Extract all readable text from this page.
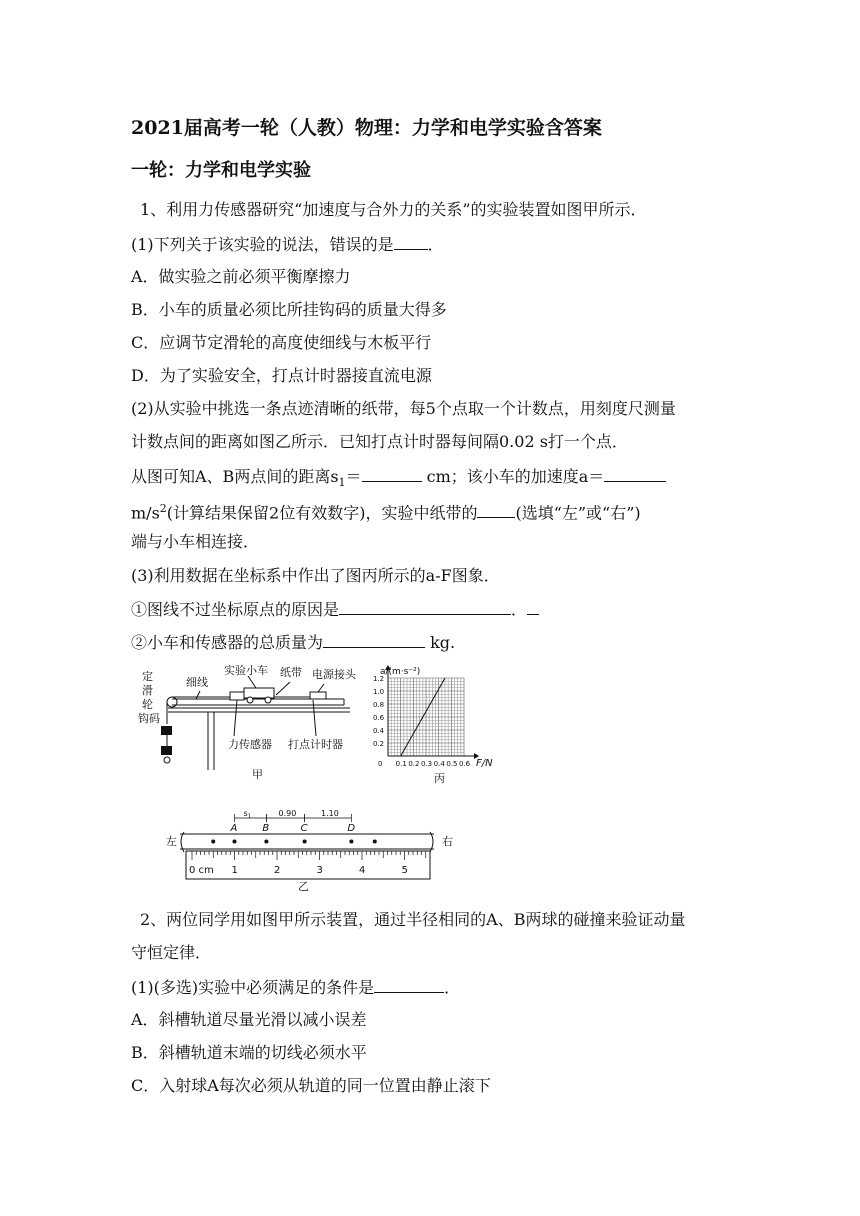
2021届高考一轮（人教）物理：力学和电学实验含答案
一轮：力学和电学实验
1、利用力传感器研究“加速度与合外力的关系”的实验装置如图甲所示．
(1)下列关于该实验的说法，错误的是 ．
A．做实验之前必须平衡摩擦力
B．小车的质量必须比所挂钩码的质量大得多
C．应调节定滑轮的高度使细线与木板平行
D．为了实验安全，打点计时器接直流电源
(2)从实验中挑选一条点迹清晰的纸带，每5个点取一个计数点，用刻度尺测量
计数点间的距离如图乙所示．已知打点计时器每间隔0.02 s打一个点．
从图可知A、B两点间的距离$s_1=$	cm；该小车的加速度a＝
$m/s^2$(计算结果保留2位有效数字)，实验中纸带的 (选填“左”或“右”)
端与小车相连接．
(3)利用数据在坐标系中作出了图丙所示的a-F图象．
①图线不过坐标原点的原因是	．
②小车和传感器的总质量为	kg.
定
滑
轮
钩码
细线
实验小车 纸带 电源接头
力传感器 打点计时器
甲
0 0.1 0.2 0.3 0.4 0.5 0.6
0.2
0.4
0.6
0.8
1.0
1.2
a/(m·s⁻²)
F/N
丙
0 cm 1	2	3	4	5
A	B	C	D
$s_1$	0.90	1.10
左	右
乙
2、两位同学用如图甲所示装置，通过半径相同的A、B两球的碰撞来验证动量
守恒定律．
(1)(多选)实验中必须满足的条件是	．
A．斜槽轨道尽量光滑以减小误差
B．斜槽轨道末端的切线必须水平
C．入射球A每次必须从轨道的同一位置由静止滚下
